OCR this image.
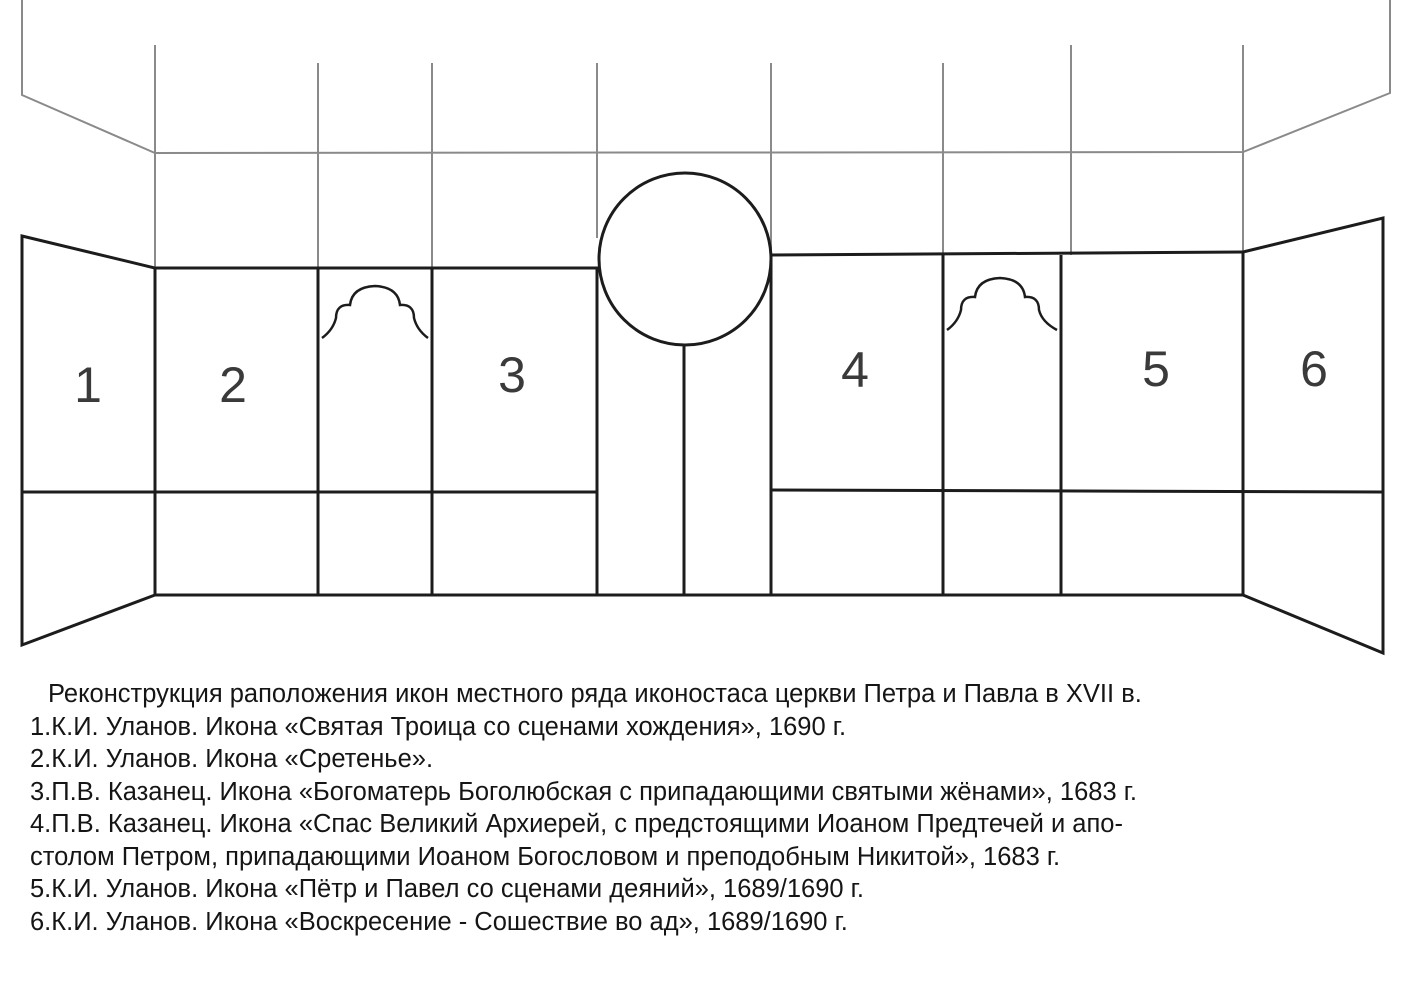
1 2	3	4	5	6
Реконструкция раположения икон местного ряда иконостаса церкви Петра и Павла в XVII в.
1.К.И. Уланов. Икона «Святая Троица со сценами хождения», 1690 г.
2.К.И. Уланов. Икона «Сретенье».
3.П.В. Казанец. Икона «Богоматерь Боголюбская с припадающими святыми жёнами», 1683 г.
4.П.В. Казанец. Икона «Спас Великий Архиерей, с предстоящими Иоаном Предтечей и апо-
столом Петром, припадающими Иоаном Богословом и преподобным Никитой», 1683 г.
5.К.И. Уланов. Икона «Пётр и Павел со сценами деяний», 1689/1690 г.
6.К.И. Уланов. Икона «Воскресение - Сошествие во ад», 1689/1690 г.
